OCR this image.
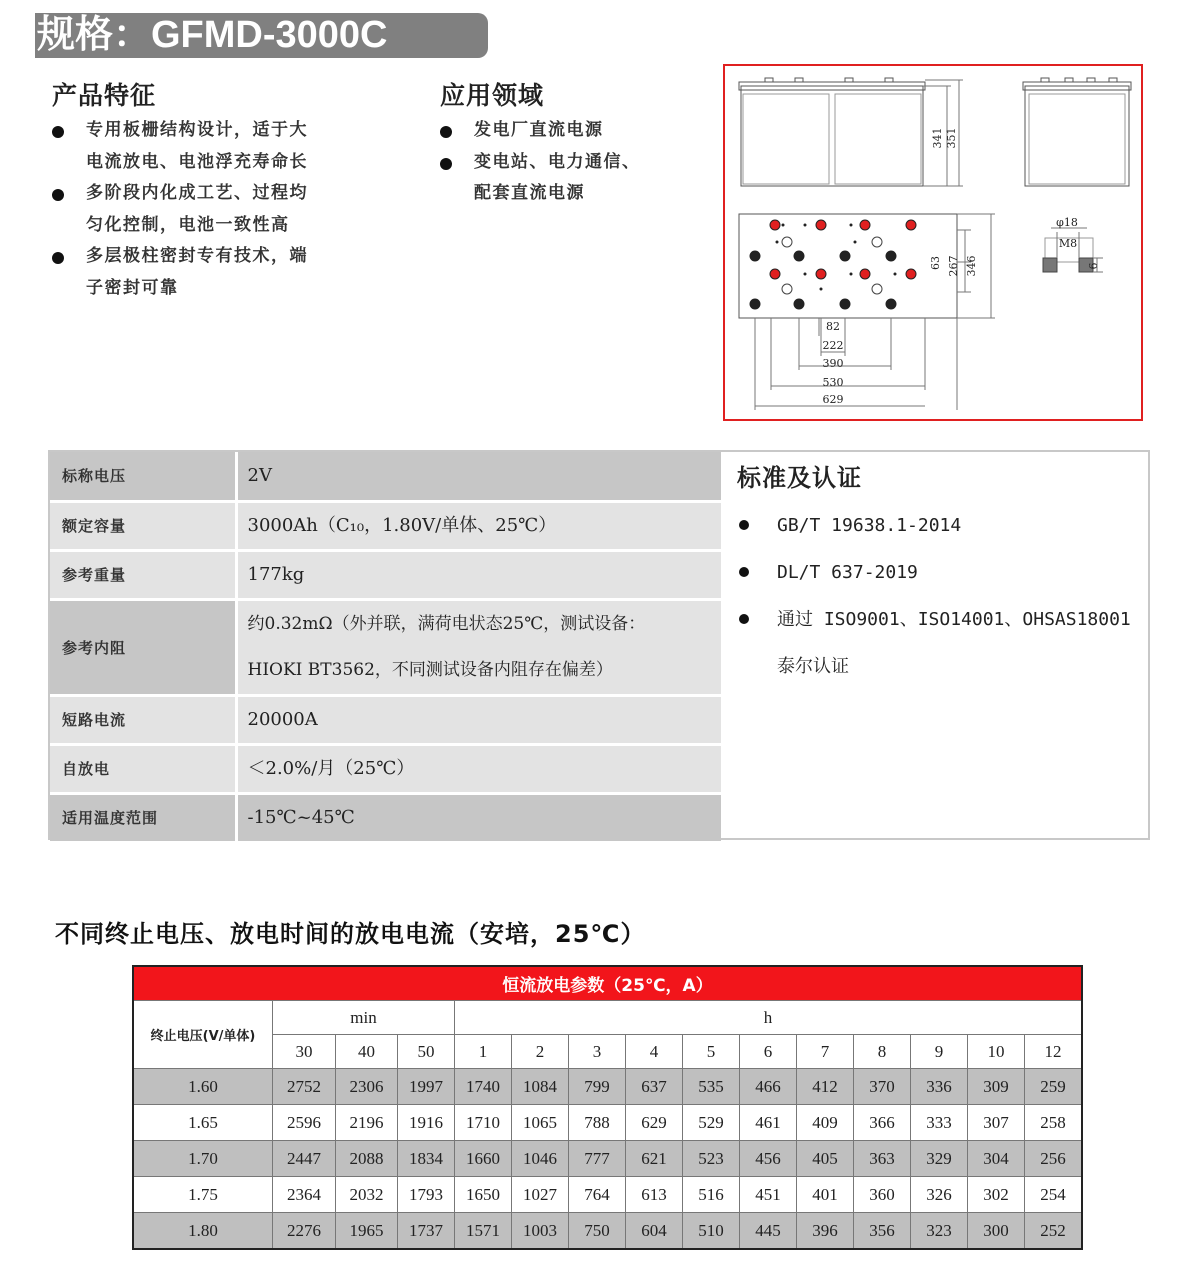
规格：GFMD-3000C
产品特征
专用板栅结构设计，适于大
电流放电、电池浮充寿命长
多阶段内化成工艺、过程均
匀化控制，电池一致性高
多层极柱密封专有技术，端
子密封可靠
应用领域
发电厂直流电源
变电站、电力通信、
配套直流电源
341 351
φ18
M8
6
63 267 346
82
222
390
530
629
标称电压	2V

额定容量	3000Ah（C₁₀，1.80V/单体、25℃）

参考重量	177kg

参考内阻	约0.32mΩ（外并联，满荷电状态25℃，测试设备：
HIOKI BT3562，不同测试设备内阻存在偏差）

短路电流	20000A

自放电	＜2.0%/月（25℃）

适用温度范围	-15℃~45℃
标准及认证
GB/T 19638.1-2014
DL/T 637-2019
通过 ISO9001、ISO14001、OHSAS18001
泰尔认证
不同终止电压、放电时间的放电电流（安培，25℃）
恒流放电参数（25℃，A）														
终止电压(V/单体)	min			h										
	30	40	50	1	2	3	4	5	6	7	8	9	10	12
1.60	2752	2306	1997	1740	1084	799	637	535	466	412	370	336	309	259
1.65	2596	2196	1916	1710	1065	788	629	529	461	409	366	333	307	258
1.70	2447	2088	1834	1660	1046	777	621	523	456	405	363	329	304	256
1.75	2364	2032	1793	1650	1027	764	613	516	451	401	360	326	302	254
1.80	2276	1965	1737	1571	1003	750	604	510	445	396	356	323	300	252
